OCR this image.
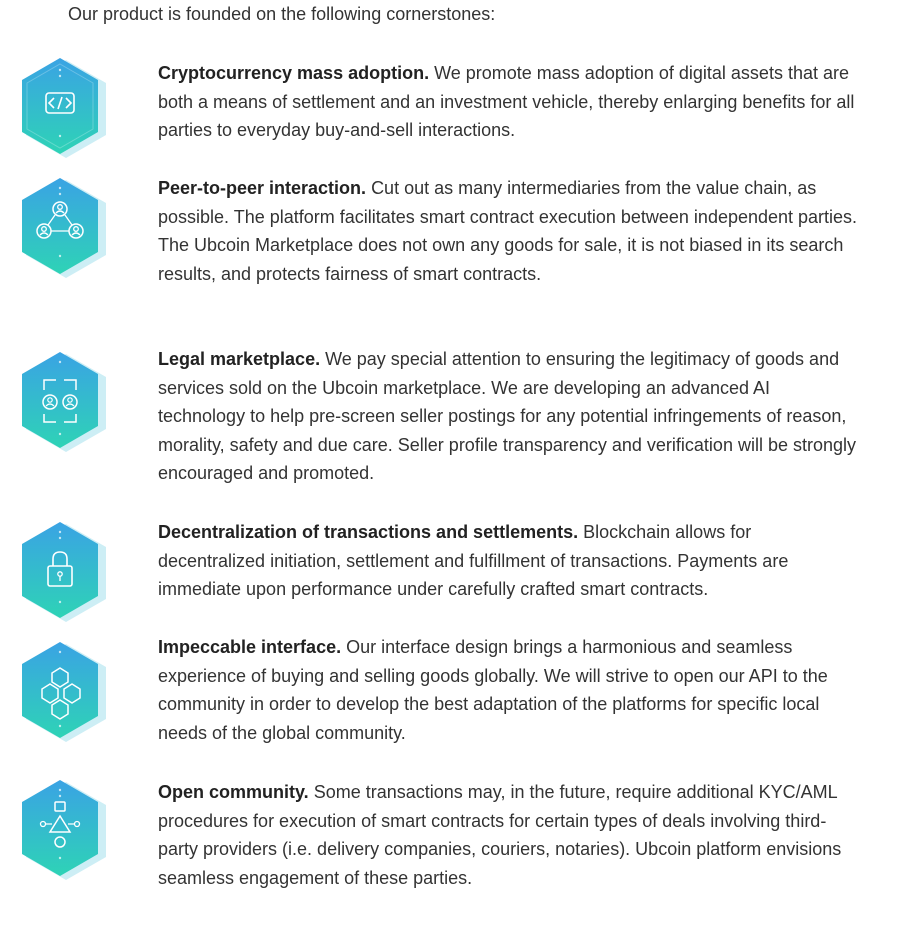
Our product is founded on the following cornerstones:

Cryptocurrency mass adoption. We promote mass adoption of digital assets that are both a means of settlement and an investment vehicle, thereby enlarging benefits for all parties to everyday buy-and-sell interactions.

Peer-to-peer interaction. Cut out as many intermediaries from the value chain, as possible. The platform facilitates smart contract execution between independent parties. The Ubcoin Marketplace does not own any goods for sale, it is not biased in its search results, and protects fairness of smart contracts.

Legal marketplace. We pay special attention to ensuring the legitimacy of goods and services sold on the Ubcoin marketplace. We are developing an advanced AI technology to help pre-screen seller postings for any potential infringements of reason, morality, safety and due care. Seller profile transparency and verification will be strongly encouraged and promoted.

Decentralization of transactions and settlements. Blockchain allows for decentralized initiation, settlement and fulfillment of transactions. Payments are immediate upon performance under carefully crafted smart contracts.

Impeccable interface. Our interface design brings a harmonious and seamless experience of buying and selling goods globally. We will strive to open our API to the community in order to develop the best adaptation of the platforms for specific local needs of the global community.

Open community. Some transactions may, in the future, require additional KYC/AML procedures for execution of smart contracts for certain types of deals involving third-party providers (i.e. delivery companies, couriers, notaries). Ubcoin platform envisions seamless engagement of these parties.
